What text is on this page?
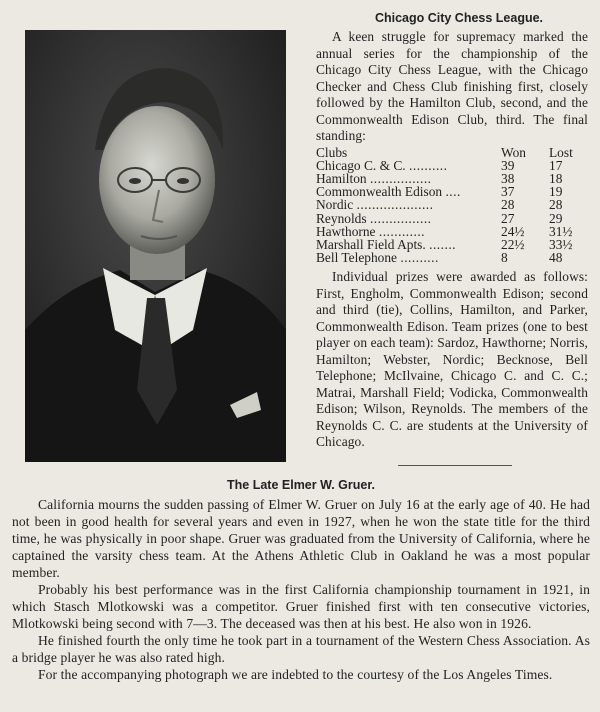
Chicago City Chess League.

A keen struggle for supremacy marked the annual series for the championship of the Chicago City Chess League, with the Chicago Checker and Chess Club finishing first, closely followed by the Hamilton Club, second, and the Commonwealth Edison Club, third. The final standing:

Clubs	Won	Lost
Chicago C. & C. ..........	39	17
Hamilton ................	38	18
Commonwealth Edison ....	37	19
Nordic ....................	28	28
Reynolds ................	27	29
Hawthorne ............	24½	31½
Marshall Field Apts. .......	22½	33½
Bell Telephone ..........	8	48

Individual prizes were awarded as follows: First, Engholm, Commonwealth Edison; second and third (tie), Collins, Hamilton, and Parker, Commonwealth Edison. Team prizes (one to best player on each team): Sardoz, Hawthorne; Norris, Hamilton; Webster, Nordic; Becknose, Bell Telephone; McIlvaine, Chicago C. and C. C.; Matrai, Marshall Field; Vodicka, Commonwealth Edison; Wilson, Reynolds. The members of the Reynolds C. C. are students at the University of Chicago.

The Late Elmer W. Gruer.

California mourns the sudden passing of Elmer W. Gruer on July 16 at the early age of 40. He had not been in good health for several years and even in 1927, when he won the state title for the third time, he was physically in poor shape. Gruer was graduated from the University of California, where he captained the varsity chess team. At the Athens Athletic Club in Oakland he was a most popular member.

Probably his best performance was in the first California championship tournament in 1921, in which Stasch Mlotkowski was a competitor. Gruer finished first with ten consecutive victories, Mlotkowski being second with 7—3. The deceased was then at his best. He also won in 1926.

He finished fourth the only time he took part in a tournament of the Western Chess Association. As a bridge player he was also rated high.

For the accompanying photograph we are indebted to the courtesy of the Los Angeles Times.
